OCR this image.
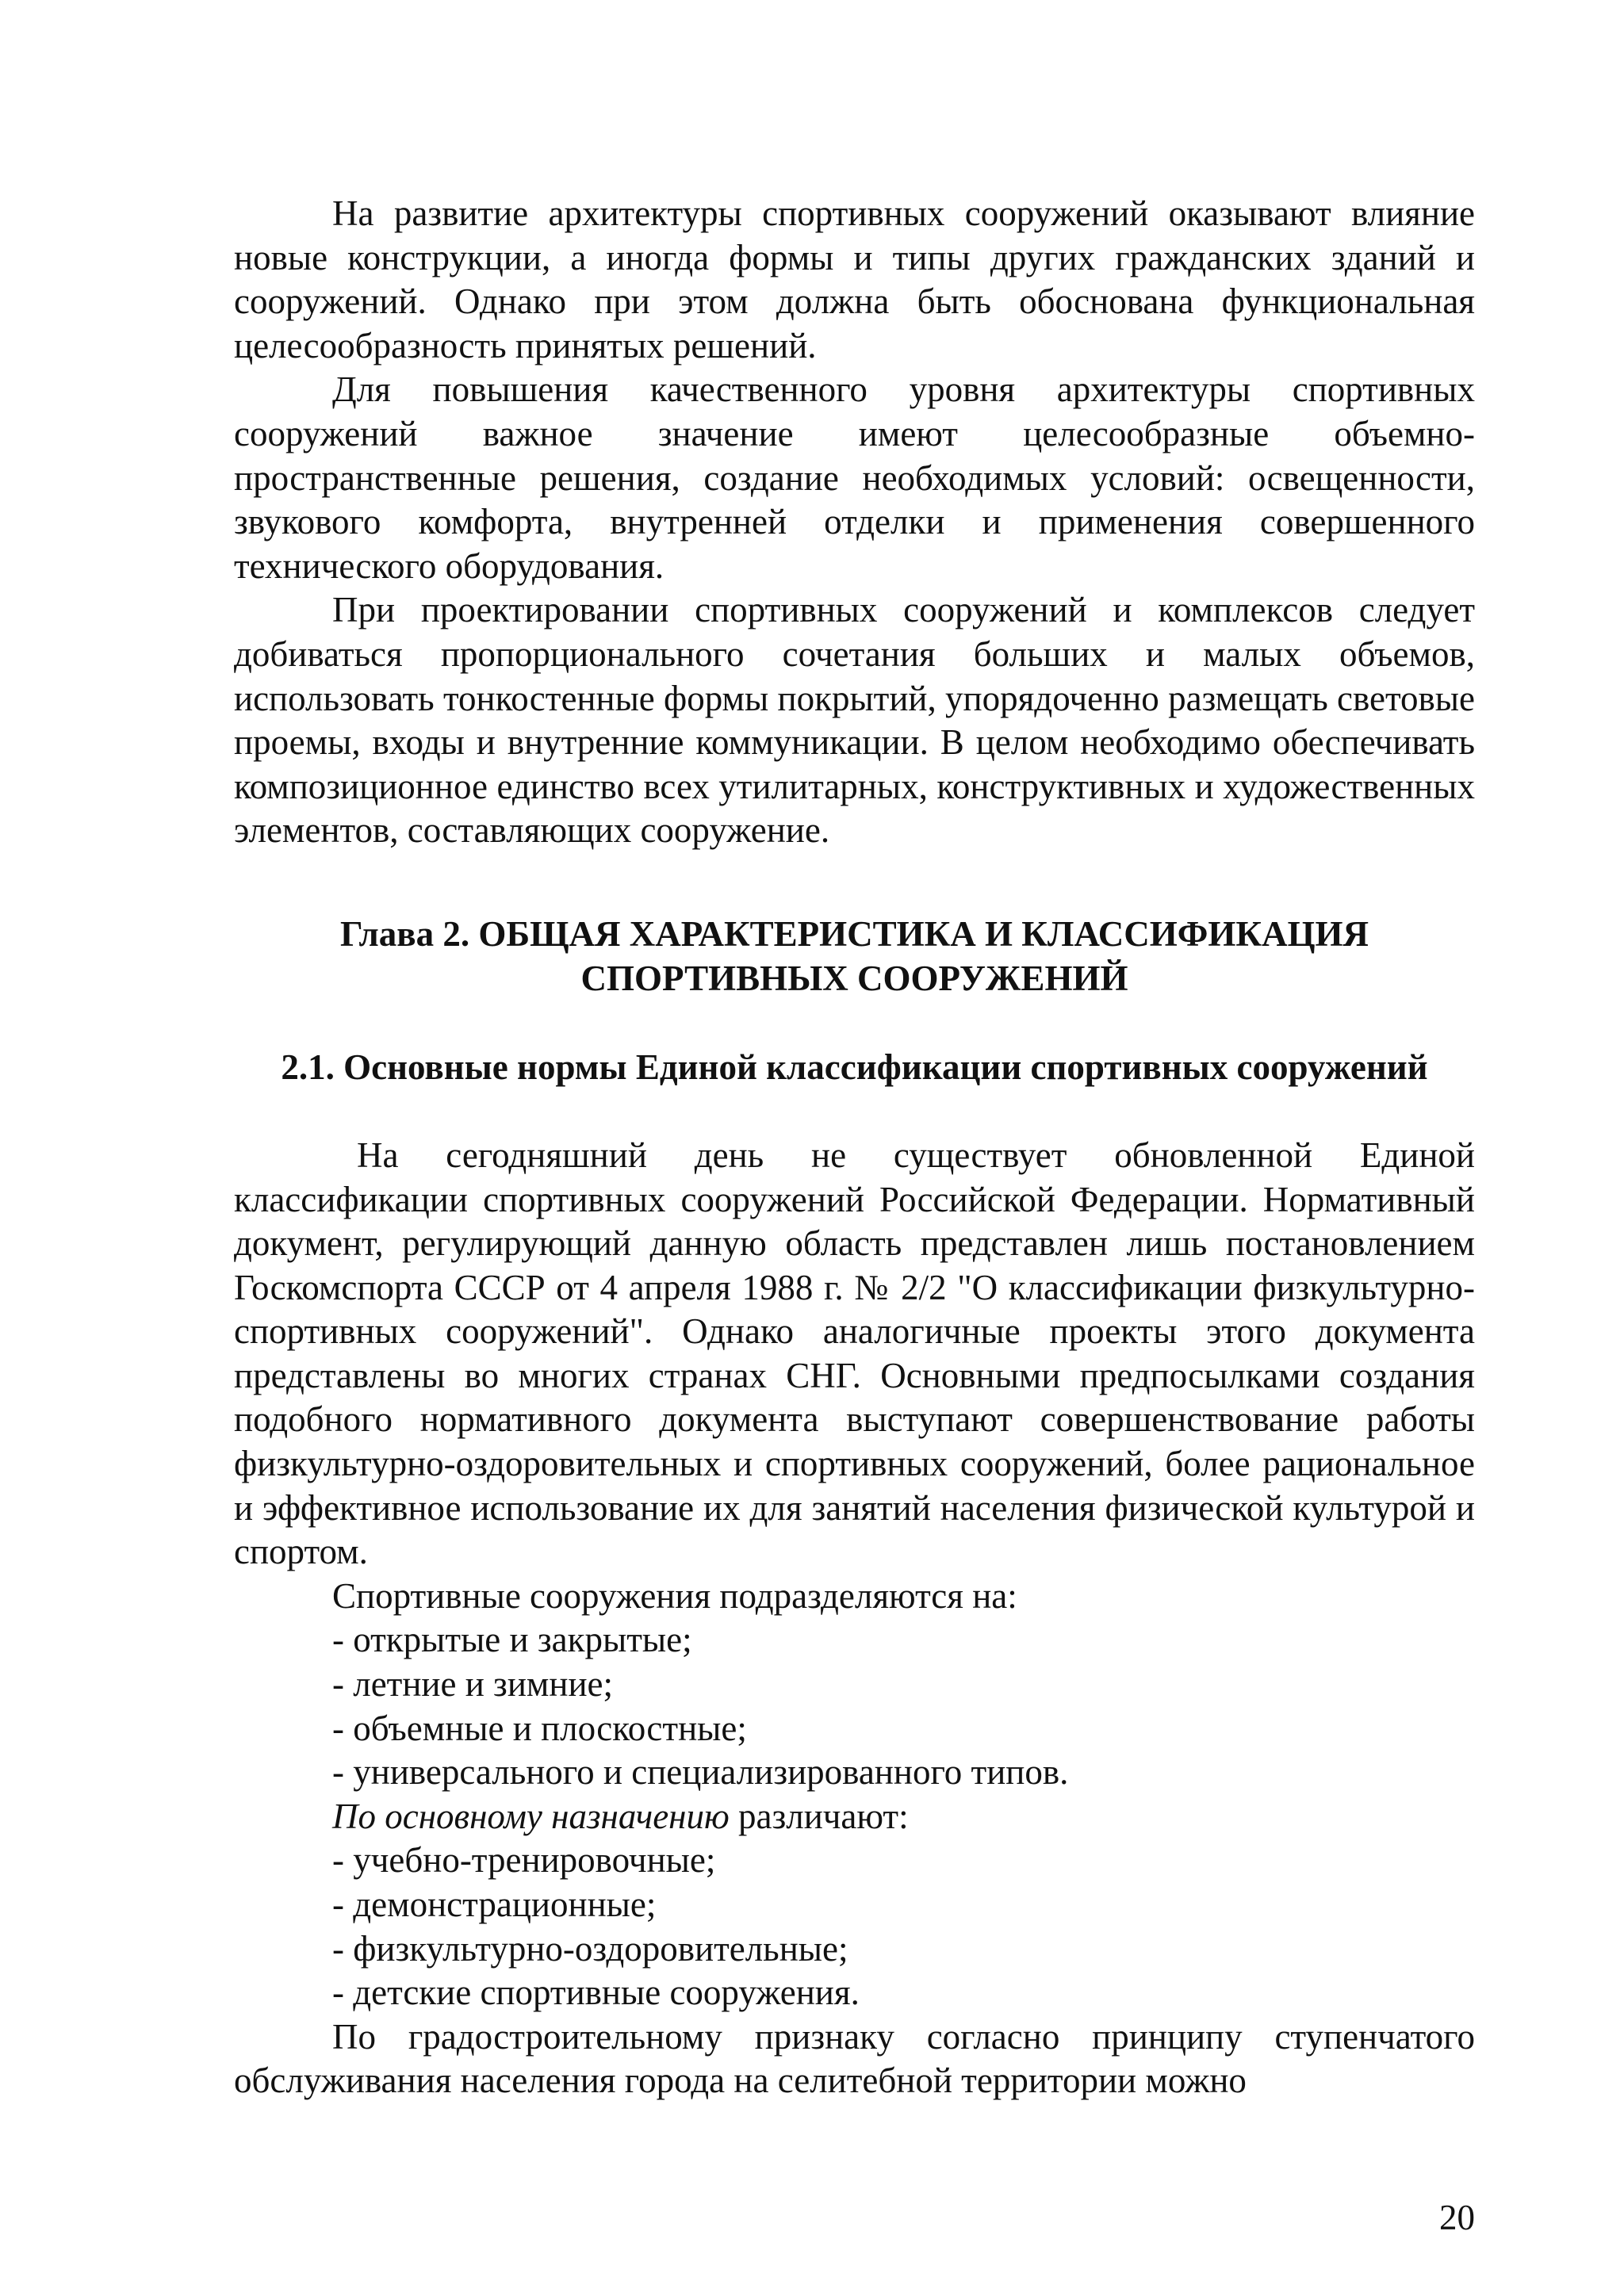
На развитие архитектуры спортивных сооружений оказывают влияние новые конструкции, а иногда формы и типы других гражданских зданий и сооружений. Однако при этом должна быть обоснована функциональная целесообразность принятых решений.

Для повышения качественного уровня архитектуры спортивных сооружений важное значение имеют целесообразные объемно-пространственные решения, создание необходимых условий: освещенности, звукового комфорта, внутренней отделки и применения совершенного технического оборудования.

При проектировании спортивных сооружений и комплексов следует добиваться пропорционального сочетания больших и малых объемов, использовать тонкостенные формы покрытий, упорядоченно размещать световые проемы, входы и внутренние коммуникации. В целом необходимо обеспечивать композиционное единство всех утилитарных, конструктивных и художественных элементов, составляющих сооружение.

Глава 2. ОБЩАЯ ХАРАКТЕРИСТИКА И КЛАССИФИКАЦИЯ
СПОРТИВНЫХ СООРУЖЕНИЙ
2.1. Основные нормы Единой классификации спортивных сооружений

На сегодняшний день не существует обновленной Единой классификации спортивных сооружений Российской Федерации. Нормативный документ, регулирующий данную область представлен лишь постановлением Госкомспорта СССР от 4 апреля 1988 г. № 2/2 "О классификации физкультурно-спортивных сооружений". Однако аналогичные проекты этого документа представлены во многих странах СНГ. Основными предпосылками создания подобного нормативного документа выступают совершенствование работы физкультурно-оздоровительных и спортивных сооружений, более рациональное и эффективное использование их для занятий населения физической культурой и спортом.

Спортивные сооружения подразделяются на:

- открытые и закрытые;
- летние и зимние;
- объемные и плоскостные;
- универсального и специализированного типов.

По основному назначению различают:

- учебно-тренировочные;
- демонстрационные;
- физкультурно-оздоровительные;
- детские спортивные сооружения.

По градостроительному признаку согласно принципу ступенчатого обслуживания населения города на селитебной территории можно

20
